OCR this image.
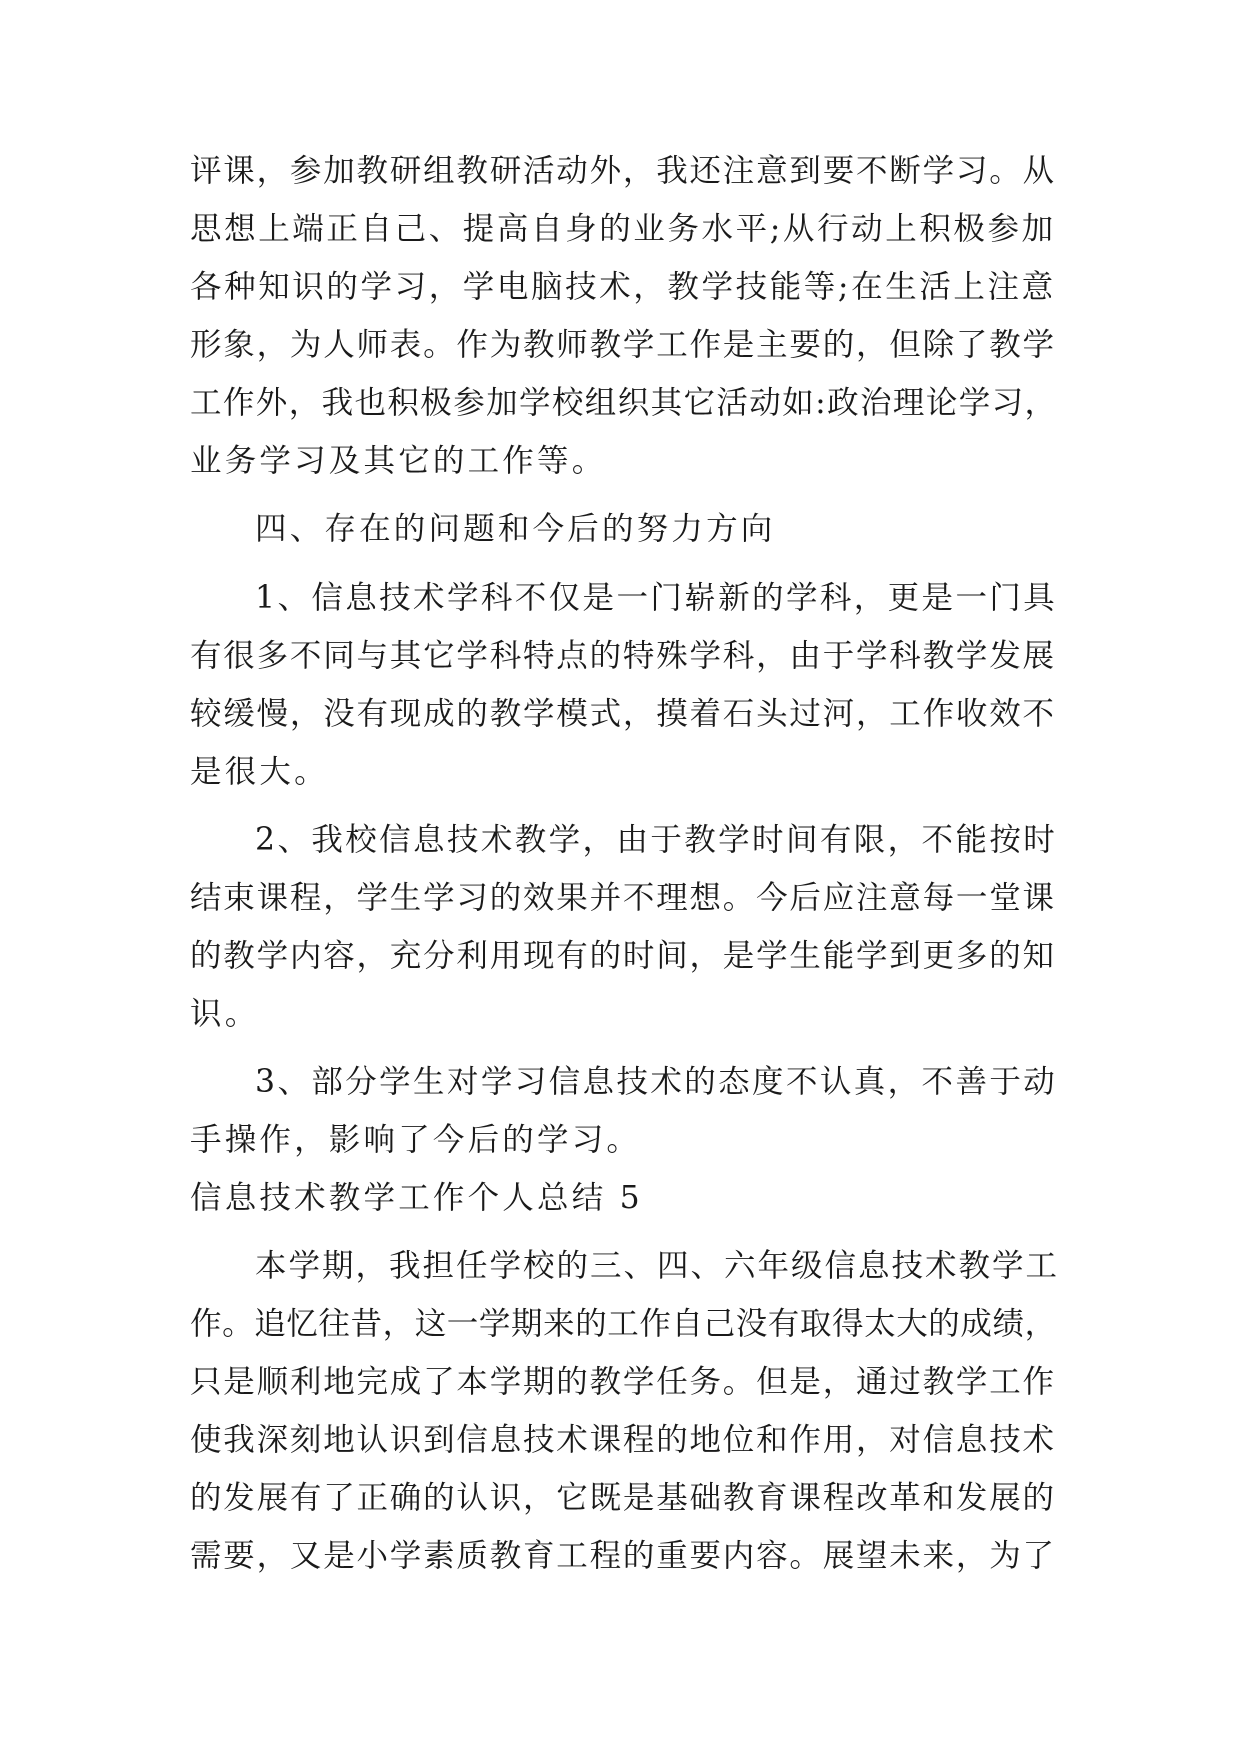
评课，参加教研组教研活动外，我还注意到要不断学习。从
思想上端正自己、提高自身的业务水平;从行动上积极参加
各种知识的学习，学电脑技术，教学技能等;在生活上注意
形象，为人师表。作为教师教学工作是主要的，但除了教学
工作外，我也积极参加学校组织其它活动如:政治理论学习，
业务学习及其它的工作等。
四、存在的问题和今后的努力方向
1、信息技术学科不仅是一门崭新的学科，更是一门具
有很多不同与其它学科特点的特殊学科，由于学科教学发展
较缓慢，没有现成的教学模式，摸着石头过河，工作收效不
是很大。
2、我校信息技术教学，由于教学时间有限，不能按时
结束课程，学生学习的效果并不理想。今后应注意每一堂课
的教学内容，充分利用现有的时间，是学生能学到更多的知
识。
3、部分学生对学习信息技术的态度不认真，不善于动
手操作，影响了今后的学习。
信息技术教学工作个人总结 5
本学期，我担任学校的三、四、六年级信息技术教学工
作。追忆往昔，这一学期来的工作自己没有取得太大的成绩，
只是顺利地完成了本学期的教学任务。但是，通过教学工作
使我深刻地认识到信息技术课程的地位和作用，对信息技术
的发展有了正确的认识，它既是基础教育课程改革和发展的
需要，又是小学素质教育工程的重要内容。展望未来，为了
